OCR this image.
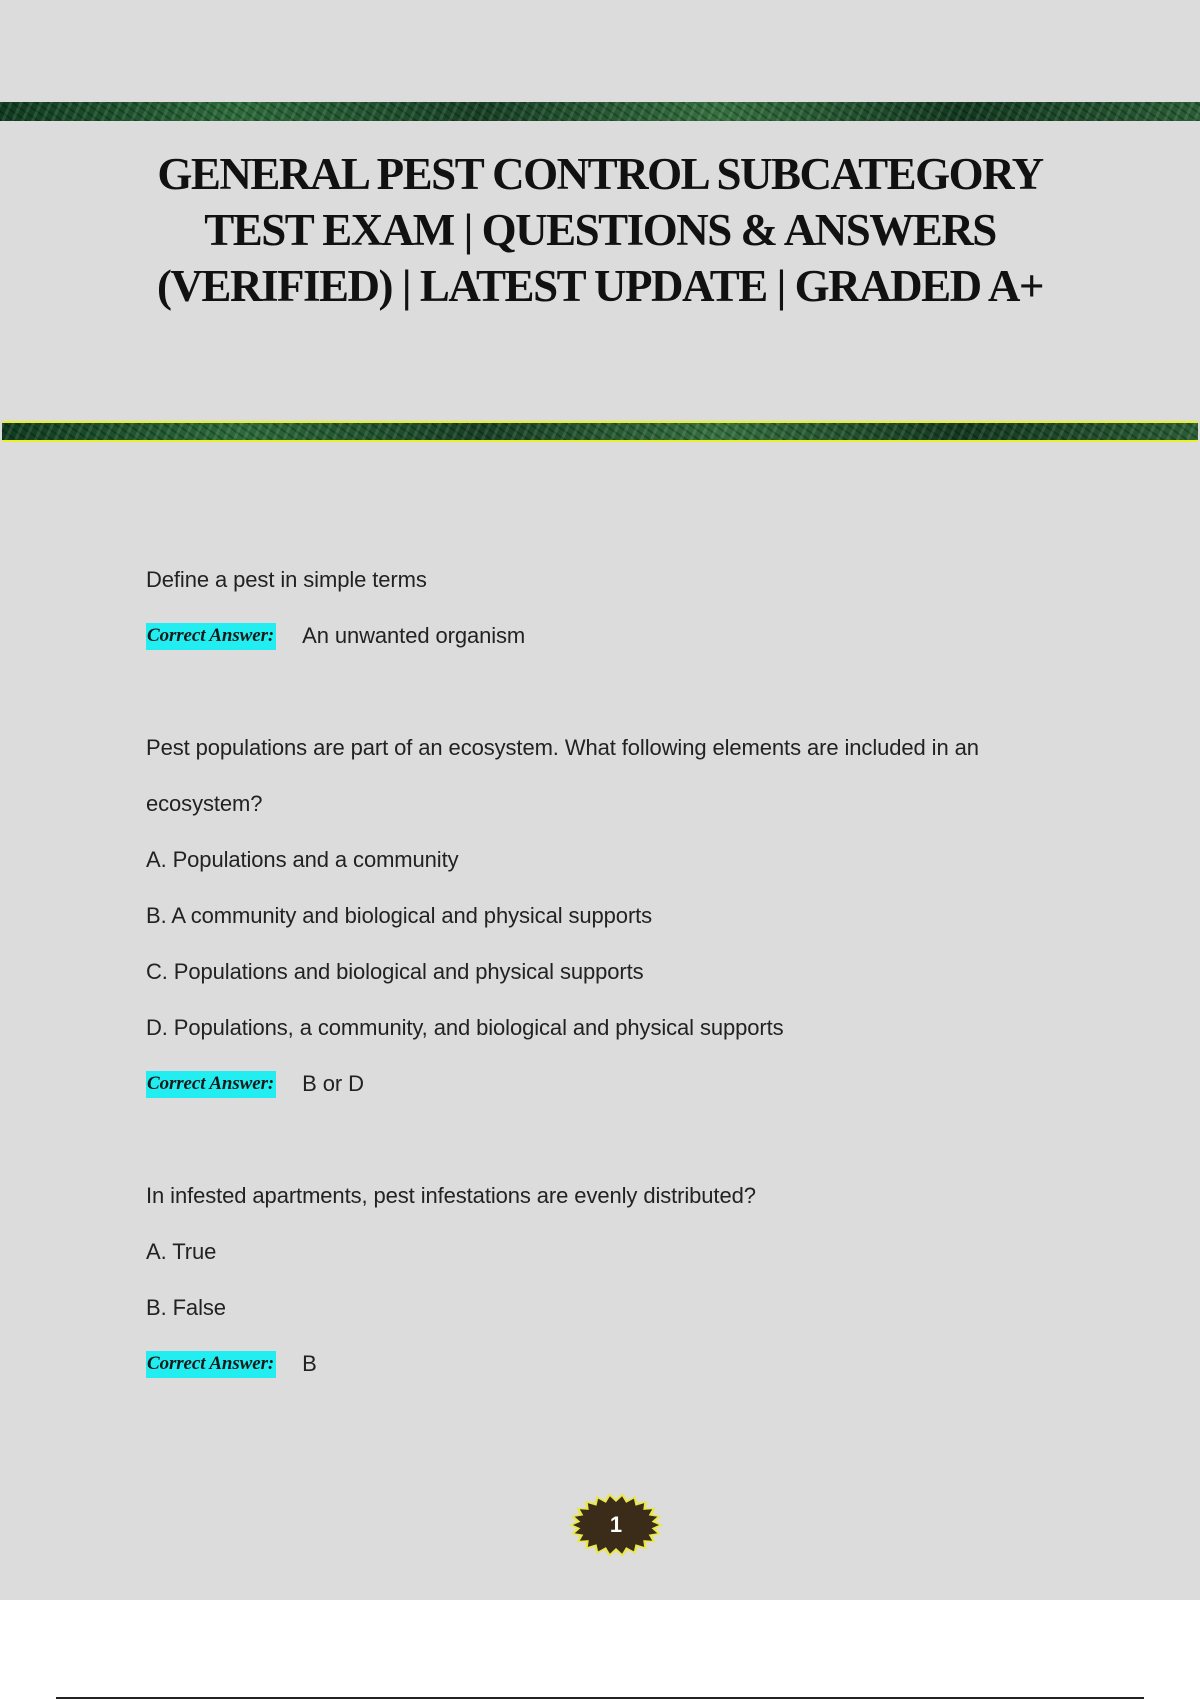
GENERAL PEST CONTROL SUBCATEGORY TEST EXAM | QUESTIONS & ANSWERS (VERIFIED) | LATEST UPDATE | GRADED A+
Define a pest in simple terms
Correct Answer: An unwanted organism
Pest populations are part of an ecosystem. What following elements are included in an ecosystem?
A. Populations and a community
B. A community and biological and physical supports
C. Populations and biological and physical supports
D. Populations, a community, and biological and physical supports
Correct Answer: B or D
In infested apartments, pest infestations are evenly distributed?
A. True
B. False
Correct Answer: B
1
